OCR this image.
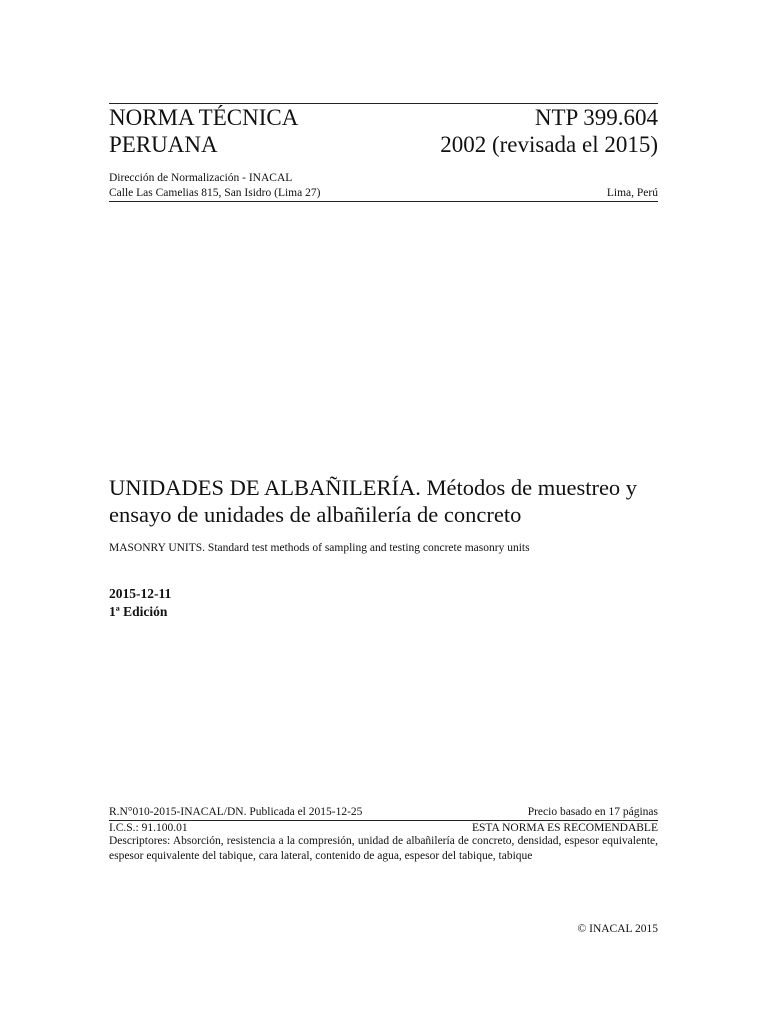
NORMA TÉCNICA
PERUANA
NTP 399.604
2002 (revisada el 2015)
Dirección de Normalización - INACAL
Calle Las Camelias 815, San Isidro (Lima 27)	Lima, Perú
UNIDADES DE ALBAÑILERÍA. Métodos de muestreo y ensayo de unidades de albañilería de concreto
MASONRY UNITS. Standard test methods of sampling and testing concrete masonry units
2015-12-11
1ª Edición
R.N°010-2015-INACAL/DN. Publicada el 2015-12-25	Precio basado en 17 páginas
I.C.S.: 91.100.01	ESTA NORMA ES RECOMENDABLE
Descriptores: Absorción, resistencia a la compresión, unidad de albañilería de concreto, densidad, espesor equivalente, espesor equivalente del tabique, cara lateral, contenido de agua, espesor del tabique, tabique
© INACAL 2015
